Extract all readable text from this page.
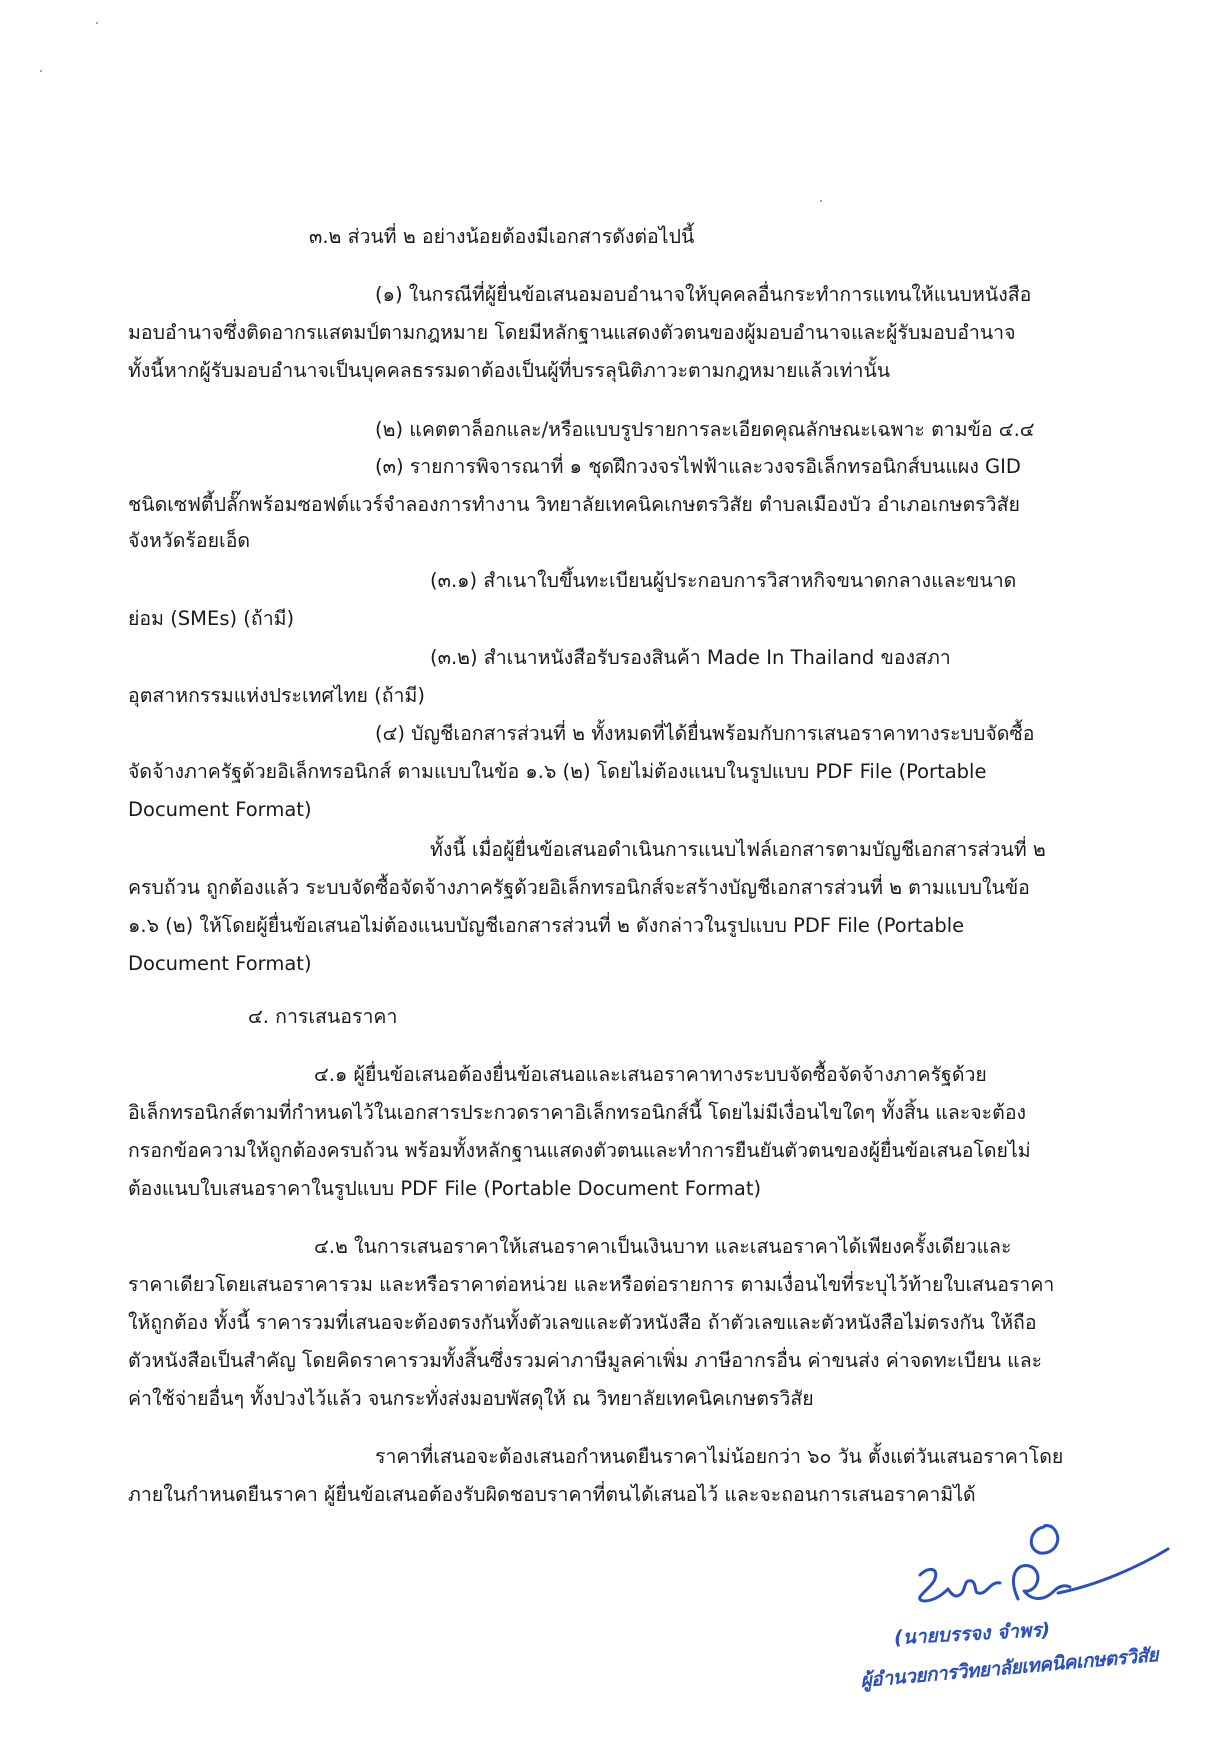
๓.๒ ส่วนที่ ๒ อย่างน้อยต้องมีเอกสารดังต่อไปนี้

(๑) ในกรณีที่ผู้ยื่นข้อเสนอมอบอำนาจให้บุคคลอื่นกระทำการแทนให้แนบหนังสือ

มอบอำนาจซึ่งติดอากรแสตมป์ตามกฎหมาย โดยมีหลักฐานแสดงตัวตนของผู้มอบอำนาจและผู้รับมอบอำนาจ

ทั้งนี้หากผู้รับมอบอำนาจเป็นบุคคลธรรมดาต้องเป็นผู้ที่บรรลุนิติภาวะตามกฎหมายแล้วเท่านั้น

(๒) แคตตาล็อกและ/หรือแบบรูปรายการละเอียดคุณลักษณะเฉพาะ ตามข้อ ๔.๔

(๓) รายการพิจารณาที่ ๑ ชุดฝึกวงจรไฟฟ้าและวงจรอิเล็กทรอนิกส์บนแผง GID

ชนิดเซฟตี้ปลั๊กพร้อมซอฟต์แวร์จำลองการทำงาน วิทยาลัยเทคนิคเกษตรวิสัย ตำบลเมืองบัว อำเภอเกษตรวิสัย

จังหวัดร้อยเอ็ด

(๓.๑) สำเนาใบขึ้นทะเบียนผู้ประกอบการวิสาหกิจขนาดกลางและขนาด

ย่อม (SMEs) (ถ้ามี)

(๓.๒) สำเนาหนังสือรับรองสินค้า Made In Thailand ของสภา

อุตสาหกรรมแห่งประเทศไทย (ถ้ามี)

(๔) บัญชีเอกสารส่วนที่ ๒ ทั้งหมดที่ได้ยื่นพร้อมกับการเสนอราคาทางระบบจัดซื้อ

จัดจ้างภาครัฐด้วยอิเล็กทรอนิกส์ ตามแบบในข้อ ๑.๖ (๒) โดยไม่ต้องแนบในรูปแบบ PDF File (Portable

Document Format)

ทั้งนี้ เมื่อผู้ยื่นข้อเสนอดำเนินการแนบไฟล์เอกสารตามบัญชีเอกสารส่วนที่ ๒

ครบถ้วน ถูกต้องแล้ว ระบบจัดซื้อจัดจ้างภาครัฐด้วยอิเล็กทรอนิกส์จะสร้างบัญชีเอกสารส่วนที่ ๒ ตามแบบในข้อ

๑.๖ (๒) ให้โดยผู้ยื่นข้อเสนอไม่ต้องแนบบัญชีเอกสารส่วนที่ ๒ ดังกล่าวในรูปแบบ PDF File (Portable

Document Format)

๔. การเสนอราคา

๔.๑ ผู้ยื่นข้อเสนอต้องยื่นข้อเสนอและเสนอราคาทางระบบจัดซื้อจัดจ้างภาครัฐด้วย

อิเล็กทรอนิกส์ตามที่กำหนดไว้ในเอกสารประกวดราคาอิเล็กทรอนิกส์นี้ โดยไม่มีเงื่อนไขใดๆ ทั้งสิ้น และจะต้อง

กรอกข้อความให้ถูกต้องครบถ้วน พร้อมทั้งหลักฐานแสดงตัวตนและทำการยืนยันตัวตนของผู้ยื่นข้อเสนอโดยไม่

ต้องแนบใบเสนอราคาในรูปแบบ PDF File (Portable Document Format)

๔.๒ ในการเสนอราคาให้เสนอราคาเป็นเงินบาท และเสนอราคาได้เพียงครั้งเดียวและ

ราคาเดียวโดยเสนอราคารวม และหรือราคาต่อหน่วย และหรือต่อรายการ ตามเงื่อนไขที่ระบุไว้ท้ายใบเสนอราคา

ให้ถูกต้อง ทั้งนี้ ราคารวมที่เสนอจะต้องตรงกันทั้งตัวเลขและตัวหนังสือ ถ้าตัวเลขและตัวหนังสือไม่ตรงกัน ให้ถือ

ตัวหนังสือเป็นสำคัญ โดยคิดราคารวมทั้งสิ้นซึ่งรวมค่าภาษีมูลค่าเพิ่ม ภาษีอากรอื่น ค่าขนส่ง ค่าจดทะเบียน และ

ค่าใช้จ่ายอื่นๆ ทั้งปวงไว้แล้ว จนกระทั่งส่งมอบพัสดุให้ ณ วิทยาลัยเทคนิคเกษตรวิสัย

ราคาที่เสนอจะต้องเสนอกำหนดยืนราคาไม่น้อยกว่า ๖๐ วัน ตั้งแต่วันเสนอราคาโดย

ภายในกำหนดยืนราคา ผู้ยื่นข้อเสนอต้องรับผิดชอบราคาที่ตนได้เสนอไว้ และจะถอนการเสนอราคามิได้

(นายบรรจง จำพร)
ผู้อำนวยการวิทยาลัยเทคนิคเกษตรวิสัย
